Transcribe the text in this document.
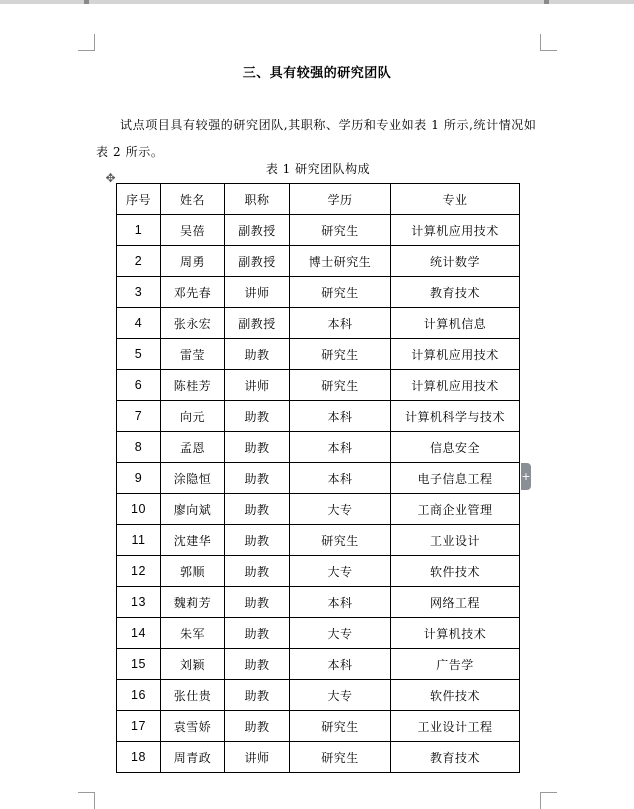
三、具有较强的研究团队
试点项目具有较强的研究团队,其职称、学历和专业如表 1 所示,统计情况如表 2 所示。
表 1 研究团队构成
✥
序号	姓名	职称	学历	专业
1	吴蓓	副教授	研究生	计算机应用技术
2	周勇	副教授	博士研究生	统计数学
3	邓先春	讲师	研究生	教育技术
4	张永宏	副教授	本科	计算机信息
5	雷莹	助教	研究生	计算机应用技术
6	陈桂芳	讲师	研究生	计算机应用技术
7	向元	助教	本科	计算机科学与技术
8	孟恩	助教	本科	信息安全
9	涂隐恒	助教	本科	电子信息工程
10	廖向斌	助教	大专	工商企业管理
11	沈建华	助教	研究生	工业设计
12	郭顺	助教	大专	软件技术
13	魏莉芳	助教	本科	网络工程
14	朱军	助教	大专	计算机技术
15	刘颖	助教	本科	广告学
16	张仕贵	助教	大专	软件技术
17	袁雪娇	助教	研究生	工业设计工程
18	周青政	讲师	研究生	教育技术
+
